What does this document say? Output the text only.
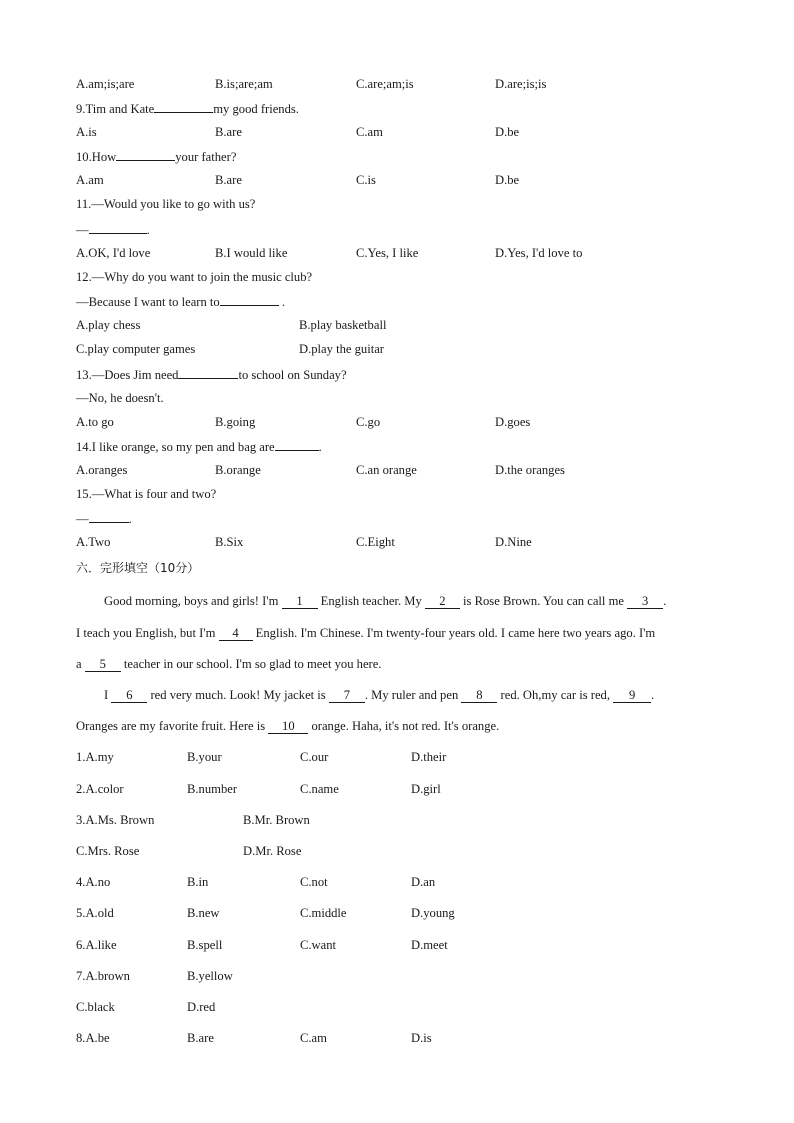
A.am;is;are	B.is;are;am	C.are;am;is	D.are;is;is
9.Tim and Kate	my good friends.
A.is	B.are	C.am	D.be
10.How	your father?
A.am	B.are	C.is	D.be
11.—Would you like to go with us?
—	.
A.OK, I'd love	B.I would like	C.Yes, I like	D.Yes, I'd love to
12.—Why do you want to join the music club?
—Because I want to learn to	.
A.play chess	B.play basketball
C.play computer games	D.play the guitar
13.—Does Jim need	to school on Sunday?
—No, he doesn't.
A.to go	B.going	C.go	D.goes
14.I like orange, so my pen and bag are	.
A.oranges	B.orange	C.an orange	D.the oranges
15.—What is four and two?
—	.
A.Two	B.Six	C.Eight	D.Nine
六．完形填空（10分）
Good morning, boys and girls! I'm 1 English teacher. My 2 is Rose Brown. You can call me 3 .
I teach you English, but I'm 4 English. I'm Chinese. I'm twenty-four years old. I came here two years ago. I'm
a 5 teacher in our school. I'm so glad to meet you here.
I 6 red very much. Look! My jacket is 7 . My ruler and pen 8 red. Oh,my car is red, 9 .
Oranges are my favorite fruit. Here is 10 orange. Haha, it's not red. It's orange.
1.A.my	B.your	C.our	D.their
2.A.color	B.number	C.name	D.girl
3.A.Ms. Brown	B.Mr. Brown
C.Mrs. Rose	D.Mr. Rose
4.A.no	B.in	C.not	D.an
5.A.old	B.new	C.middle	D.young
6.A.like	B.spell	C.want	D.meet
7.A.brown	B.yellow
C.black	D.red
8.A.be	B.are	C.am	D.is
